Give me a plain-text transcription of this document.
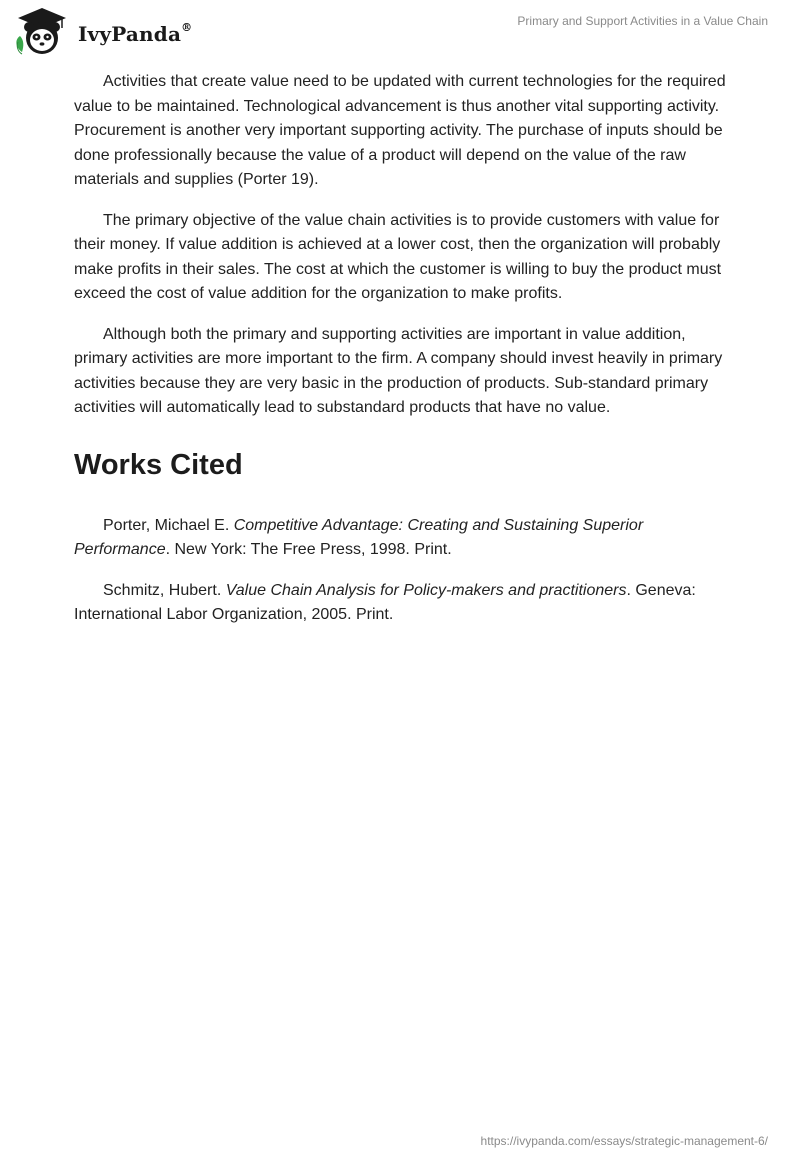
IvyPanda®	Primary and Support Activities in a Value Chain

Activities that create value need to be updated with current technologies for the required value to be maintained. Technological advancement is thus another vital supporting activity. Procurement is another very important supporting activity. The purchase of inputs should be done professionally because the value of a product will depend on the value of the raw materials and supplies (Porter 19).

The primary objective of the value chain activities is to provide customers with value for their money. If value addition is achieved at a lower cost, then the organization will probably make profits in their sales. The cost at which the customer is willing to buy the product must exceed the cost of value addition for the organization to make profits.

Although both the primary and supporting activities are important in value addition, primary activities are more important to the firm. A company should invest heavily in primary activities because they are very basic in the production of products. Sub-standard primary activities will automatically lead to substandard products that have no value.

Works Cited

Porter, Michael E. Competitive Advantage: Creating and Sustaining Superior Performance. New York: The Free Press, 1998. Print.

Schmitz, Hubert. Value Chain Analysis for Policy-makers and practitioners. Geneva: International Labor Organization, 2005. Print.

https://ivypanda.com/essays/strategic-management-6/
